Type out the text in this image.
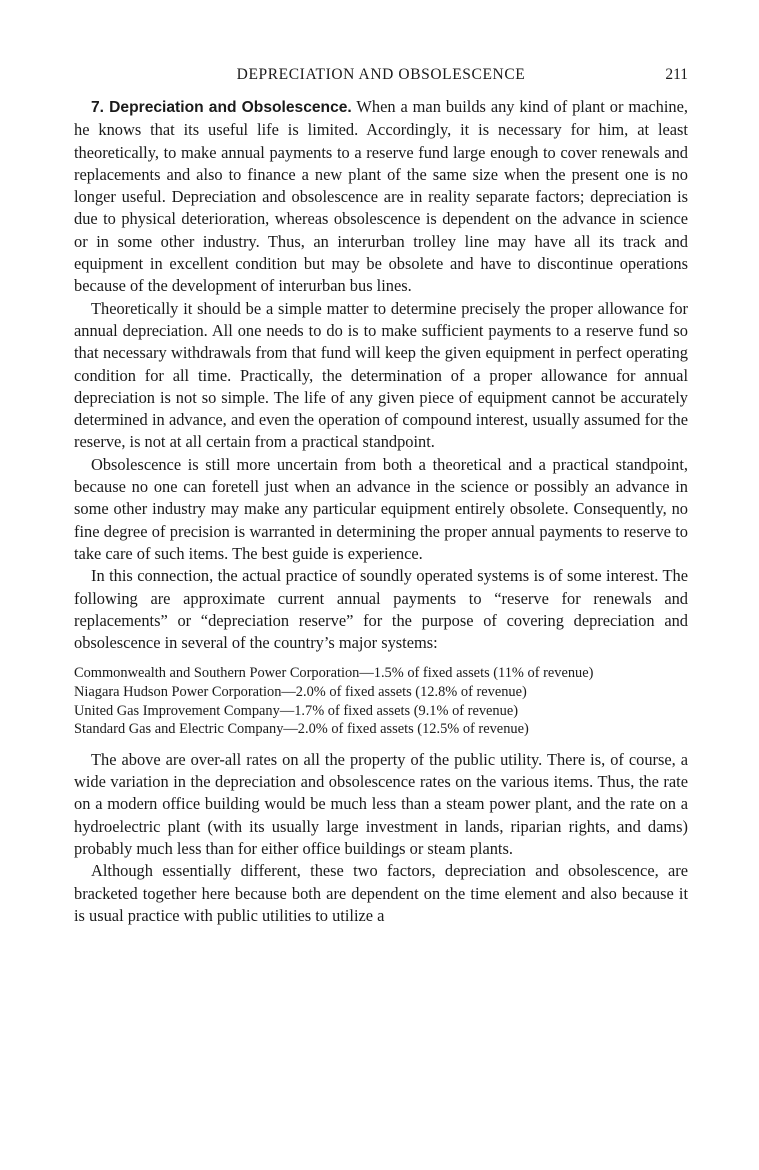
DEPRECIATION AND OBSOLESCENCE	211

7. Depreciation and Obsolescence. When a man builds any kind of plant or machine, he knows that its useful life is limited. Accordingly, it is necessary for him, at least theoretically, to make annual payments to a reserve fund large enough to cover renewals and replacements and also to finance a new plant of the same size when the present one is no longer useful. Depreciation and obsolescence are in reality separate factors; depreciation is due to physical deterioration, whereas obsolescence is dependent on the advance in science or in some other industry. Thus, an interurban trolley line may have all its track and equipment in excellent condition but may be obsolete and have to discontinue operations because of the development of interurban bus lines.

Theoretically it should be a simple matter to determine precisely the proper allowance for annual depreciation. All one needs to do is to make sufficient payments to a reserve fund so that necessary withdrawals from that fund will keep the given equipment in perfect operating condition for all time. Practically, the determination of a proper allowance for annual depreciation is not so simple. The life of any given piece of equipment cannot be accurately determined in advance, and even the operation of compound interest, usually assumed for the reserve, is not at all certain from a practical standpoint.

Obsolescence is still more uncertain from both a theoretical and a practical standpoint, because no one can foretell just when an advance in the science or possibly an advance in some other industry may make any particular equipment entirely obsolete. Consequently, no fine degree of precision is warranted in determining the proper annual payments to reserve to take care of such items. The best guide is experience.

In this connection, the actual practice of soundly operated systems is of some interest. The following are approximate current annual payments to “reserve for renewals and replacements” or “depreciation reserve” for the purpose of covering depreciation and obsolescence in several of the country’s major systems:

Commonwealth and Southern Power Corporation—1.5% of fixed assets (11% of revenue)
Niagara Hudson Power Corporation—2.0% of fixed assets (12.8% of revenue)
United Gas Improvement Company—1.7% of fixed assets (9.1% of revenue)
Standard Gas and Electric Company—2.0% of fixed assets (12.5% of revenue)

The above are over-all rates on all the property of the public utility. There is, of course, a wide variation in the depreciation and obsolescence rates on the various items. Thus, the rate on a modern office building would be much less than a steam power plant, and the rate on a hydroelectric plant (with its usually large investment in lands, riparian rights, and dams) probably much less than for either office buildings or steam plants.

Although essentially different, these two factors, depreciation and obsolescence, are bracketed together here because both are dependent on the time element and also because it is usual practice with public utilities to utilize a
